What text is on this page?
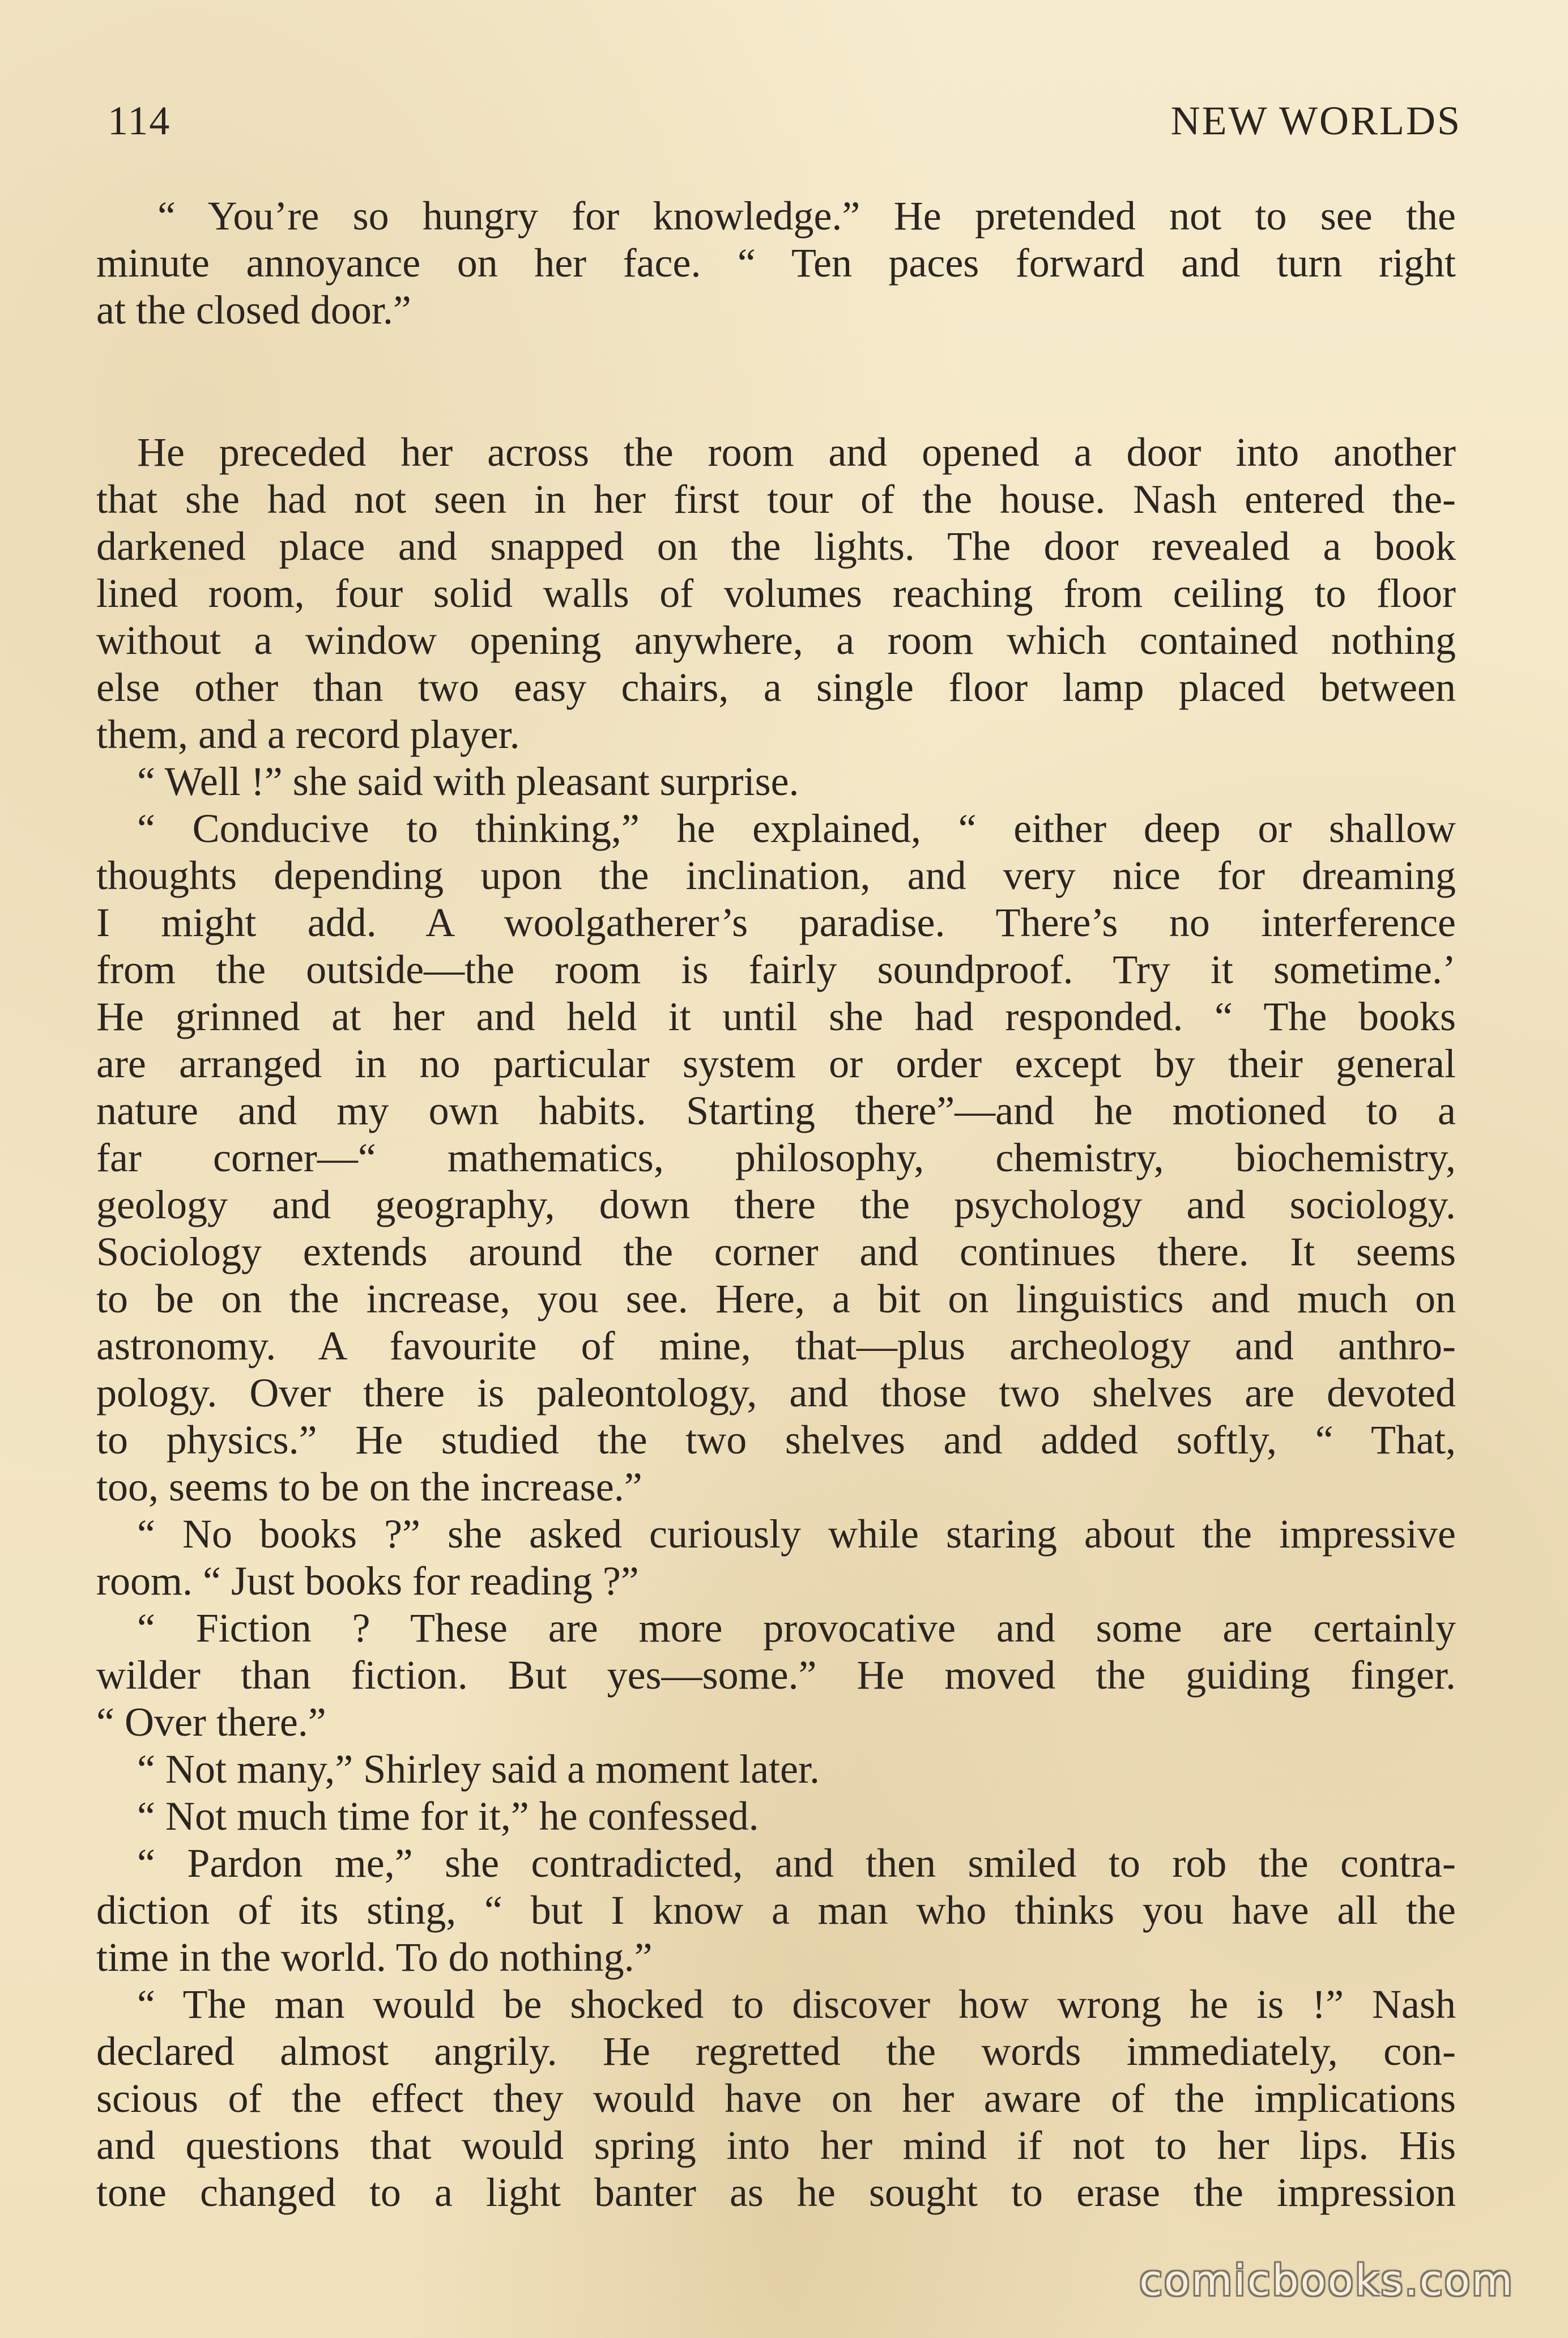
114	NEW WORLDS
“ You’re so hungry for knowledge.” He pretended not to see the
minute annoyance on her face. “ Ten paces forward and turn right
at the closed door.”
He preceded her across the room and opened a door into another
that she had not seen in her first tour of the house. Nash entered the-
darkened place and snapped on the lights. The door revealed a book
lined room, four solid walls of volumes reaching from ceiling to floor
without a window opening anywhere, a room which contained nothing
else other than two easy chairs, a single floor lamp placed between
them, and a record player.
“ Well !” she said with pleasant surprise.
“ Conducive to thinking,” he explained, “ either deep or shallow
thoughts depending upon the inclination, and very nice for dreaming
I might add. A woolgatherer’s paradise. There’s no interference
from the outside—the room is fairly soundproof. Try it sometime.’
He grinned at her and held it until she had responded. “ The books
are arranged in no particular system or order except by their general
nature and my own habits. Starting there”—and he motioned to a
far corner—“ mathematics, philosophy, chemistry, biochemistry,
geology and geography, down there the psychology and sociology.
Sociology extends around the corner and continues there. It seems
to be on the increase, you see. Here, a bit on linguistics and much on
astronomy. A favourite of mine, that—plus archeology and anthro-
pology. Over there is paleontology, and those two shelves are devoted
to physics.” He studied the two shelves and added softly, “ That,
too, seems to be on the increase.”
“ No books ?” she asked curiously while staring about the impressive
room. “ Just books for reading ?”
“ Fiction ? These are more provocative and some are certainly
wilder than fiction. But yes—some.” He moved the guiding finger.
“ Over there.”
“ Not many,” Shirley said a moment later.
“ Not much time for it,” he confessed.
“ Pardon me,” she contradicted, and then smiled to rob the contra-
diction of its sting, “ but I know a man who thinks you have all the
time in the world. To do nothing.”
“ The man would be shocked to discover how wrong he is !” Nash
declared almost angrily. He regretted the words immediately, con-
scious of the effect they would have on her aware of the implications
and questions that would spring into her mind if not to her lips. His
tone changed to a light banter as he sought to erase the impression
comicbooks.com
